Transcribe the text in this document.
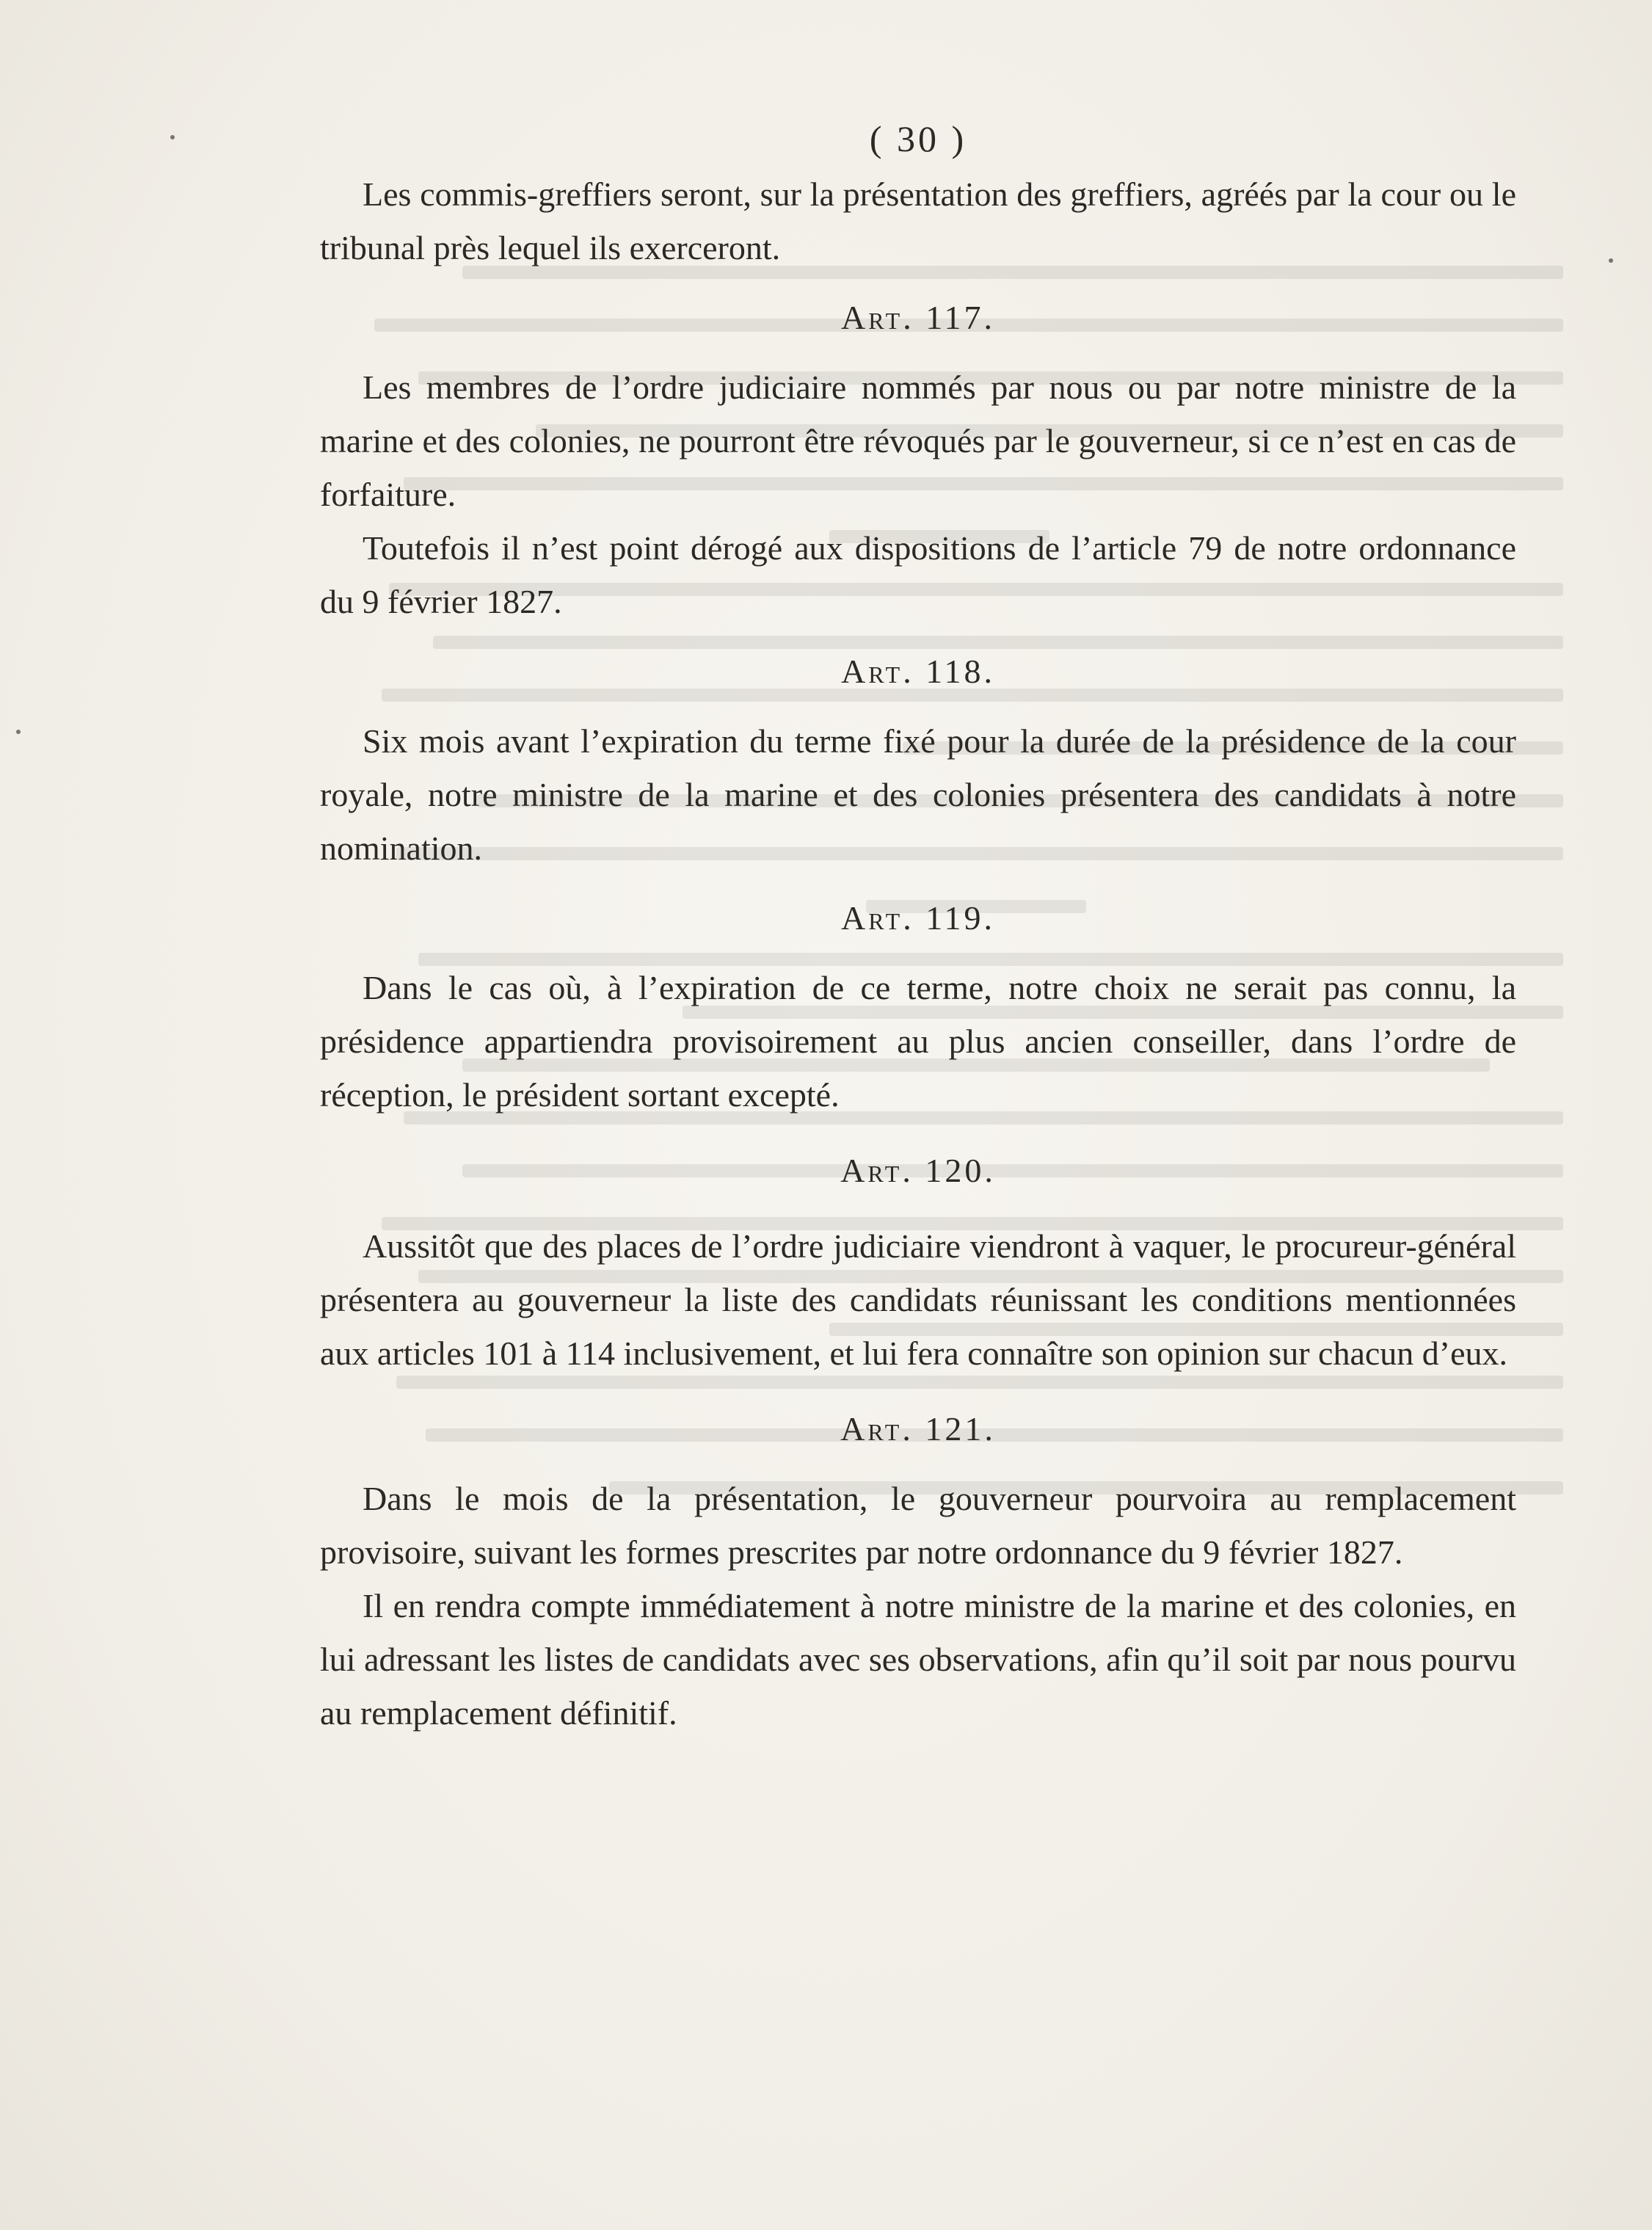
( 30 )

Les commis-greffiers seront, sur la présentation des greffiers, agréés par la cour ou le tribunal près lequel ils exerceront.

Art. 117.

Les membres de l’ordre judiciaire nommés par nous ou par notre ministre de la marine et des colonies, ne pourront être révoqués par le gouverneur, si ce n’est en cas de forfaiture.

Toutefois il n’est point dérogé aux dispositions de l’article 79 de notre ordonnance du 9 février 1827.

Art. 118.

Six mois avant l’expiration du terme fixé pour la durée de la présidence de la cour royale, notre ministre de la marine et des colonies présentera des candidats à notre nomination.

Art. 119.

Dans le cas où, à l’expiration de ce terme, notre choix ne serait pas connu, la présidence appartiendra provisoirement au plus ancien conseiller, dans l’ordre de réception, le président sortant excepté.

Art. 120.

Aussitôt que des places de l’ordre judiciaire viendront à vaquer, le procureur-général présentera au gouverneur la liste des candidats réunissant les conditions mentionnées aux articles 101 à 114 inclusivement, et lui fera connaître son opinion sur chacun d’eux.

Art. 121.

Dans le mois de la présentation, le gouverneur pourvoira au remplacement provisoire, suivant les formes prescrites par notre ordonnance du 9 février 1827.

Il en rendra compte immédiatement à notre ministre de la marine et des colonies, en lui adressant les listes de candidats avec ses observations, afin qu’il soit par nous pourvu au remplacement définitif.
